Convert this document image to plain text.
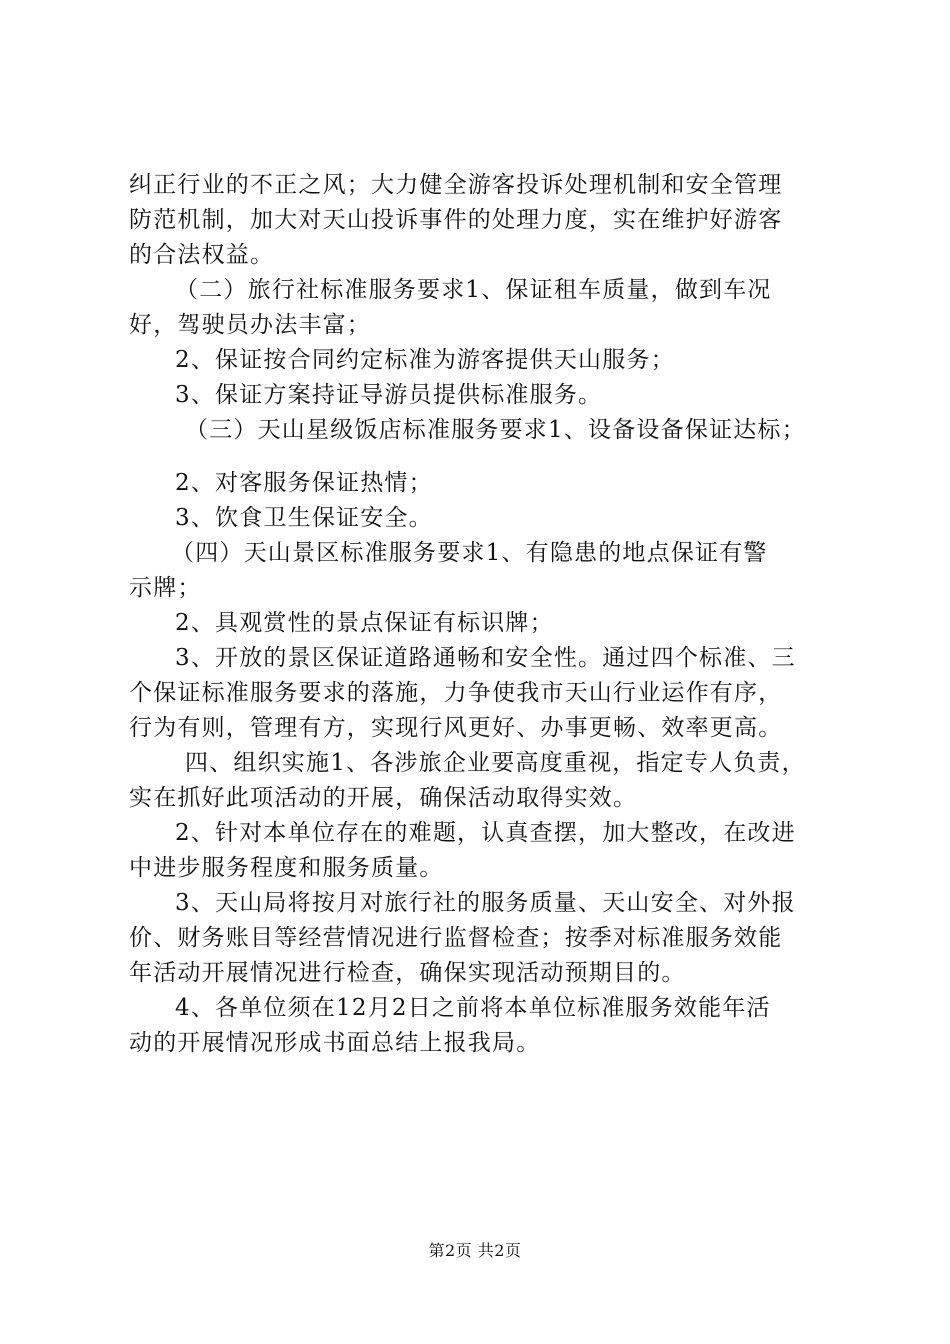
纠正行业的不正之风；大力健全游客投诉处理机制和安全管理
防范机制，加大对天山投诉事件的处理力度，实在维护好游客
的合法权益。
（二）旅行社标准服务要求1、保证租车质量，做到车况
好，驾驶员办法丰富；
2、保证按合同约定标准为游客提供天山服务；
3、保证方案持证导游员提供标准服务。
（三）天山星级饭店标准服务要求1、设备设备保证达标；
2、对客服务保证热情；
3、饮食卫生保证安全。
（四）天山景区标准服务要求1、有隐患的地点保证有警
示牌；
2、具观赏性的景点保证有标识牌；
3、开放的景区保证道路通畅和安全性。通过四个标准、三
个保证标准服务要求的落施，力争使我市天山行业运作有序，
行为有则，管理有方，实现行风更好、办事更畅、效率更高。
四、组织实施1、各涉旅企业要高度重视，指定专人负责，
实在抓好此项活动的开展，确保活动取得实效。
2、针对本单位存在的难题，认真查摆，加大整改，在改进
中进步服务程度和服务质量。
3、天山局将按月对旅行社的服务质量、天山安全、对外报
价、财务账目等经营情况进行监督检查；按季对标准服务效能
年活动开展情况进行检查，确保实现活动预期目的。
4、各单位须在12月2日之前将本单位标准服务效能年活
动的开展情况形成书面总结上报我局。
第2页 共2页
